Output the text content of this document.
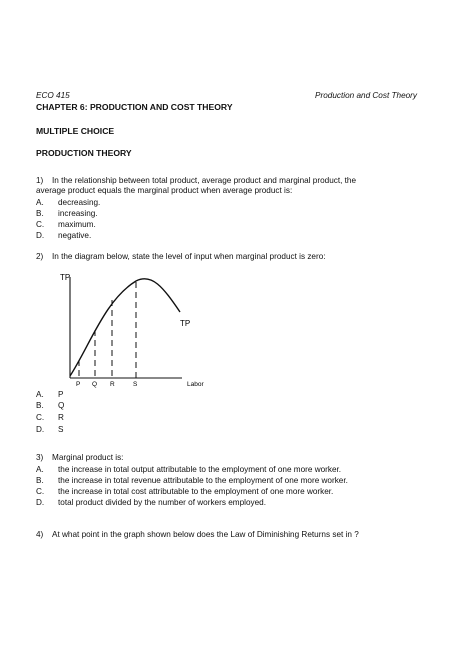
ECO 415	Production and Cost Theory
CHAPTER 6: PRODUCTION AND COST THEORY
MULTIPLE CHOICE
PRODUCTION THEORY
1) In the relationship between total product, average product and marginal product, the
average product equals the marginal product when average product is:
A. decreasing.
B. increasing.
C. maximum.
D. negative.
2) In the diagram below, state the level of input when marginal product is zero:
TP
TP
P Q R	S	Labor
A. P
B. Q
C. R
D. S
3) Marginal product is:
A. the increase in total output attributable to the employment of one more worker.
B. the increase in total revenue attributable to the employment of one more worker.
C. the increase in total cost attributable to the employment of one more worker.
D. total product divided by the number of workers employed.
4) At what point in the graph shown below does the Law of Diminishing Returns set in ?
